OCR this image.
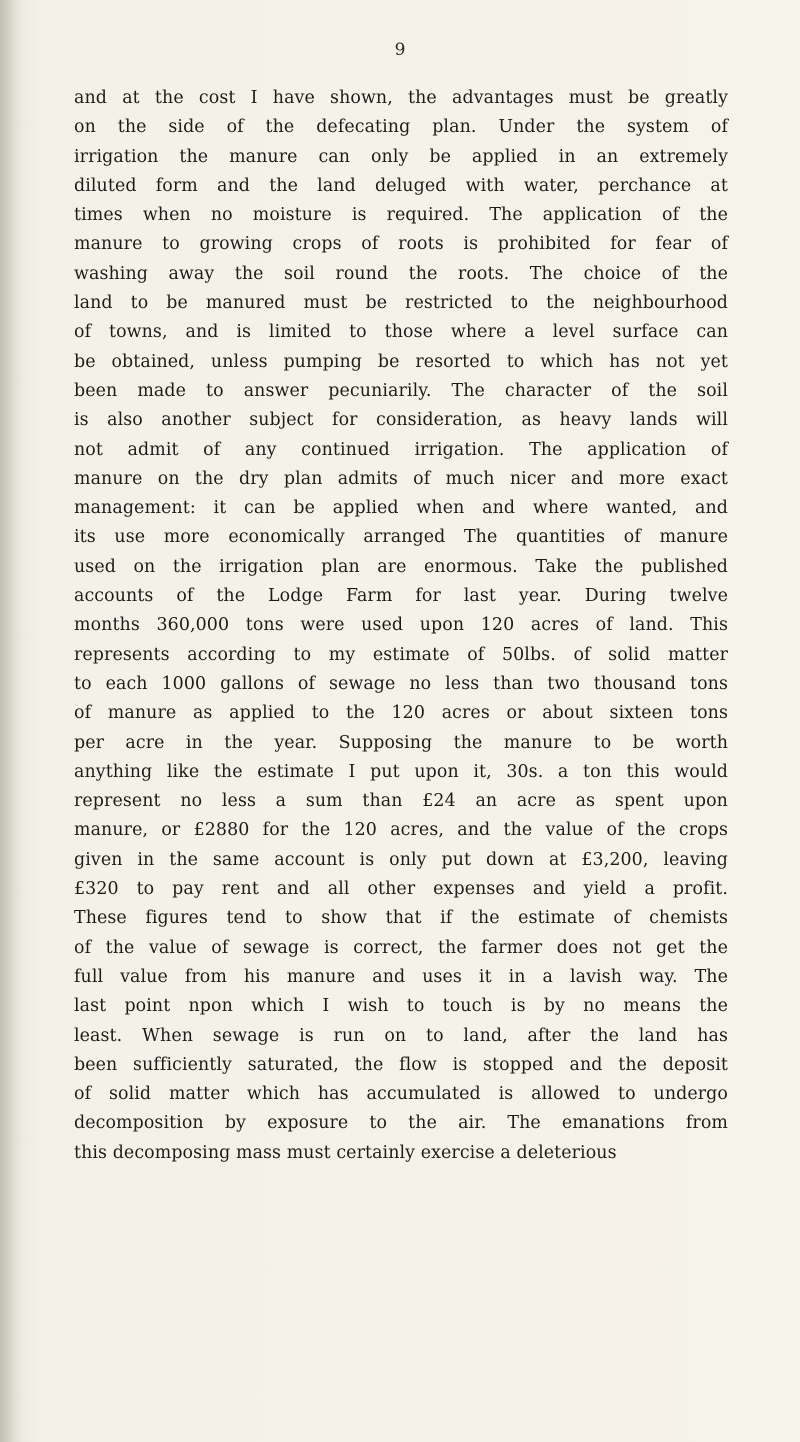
9

and at the cost I have shown, the advantages must be greatly
on the side of the defecating plan. Under the system of
irrigation the manure can only be applied in an extremely
diluted form and the land deluged with water, perchance at
times when no moisture is required. The application of the
manure to growing crops of roots is prohibited for fear of
washing away the soil round the roots. The choice of the
land to be manured must be restricted to the neighbourhood
of towns, and is limited to those where a level surface can
be obtained, unless pumping be resorted to which has not yet
been made to answer pecuniarily. The character of the soil
is also another subject for consideration, as heavy lands will
not admit of any continued irrigation. The application of
manure on the dry plan admits of much nicer and more exact
management: it can be applied when and where wanted, and
its use more economically arranged The quantities of manure
used on the irrigation plan are enormous. Take the published
accounts of the Lodge Farm for last year. During twelve
months 360,000 tons were used upon 120 acres of land. This
represents according to my estimate of 50lbs. of solid matter
to each 1000 gallons of sewage no less than two thousand tons
of manure as applied to the 120 acres or about sixteen tons
per acre in the year. Supposing the manure to be worth
anything like the estimate I put upon it, 30s. a ton this would
represent no less a sum than £24 an acre as spent upon
manure, or £2880 for the 120 acres, and the value of the crops
given in the same account is only put down at £3,200, leaving
£320 to pay rent and all other expenses and yield a profit.
These figures tend to show that if the estimate of chemists
of the value of sewage is correct, the farmer does not get the
full value from his manure and uses it in a lavish way. The
last point npon which I wish to touch is by no means the
least. When sewage is run on to land, after the land has
been sufficiently saturated, the flow is stopped and the deposit
of solid matter which has accumulated is allowed to undergo
decomposition by exposure to the air. The emanations from
this decomposing mass must certainly exercise a deleterious
